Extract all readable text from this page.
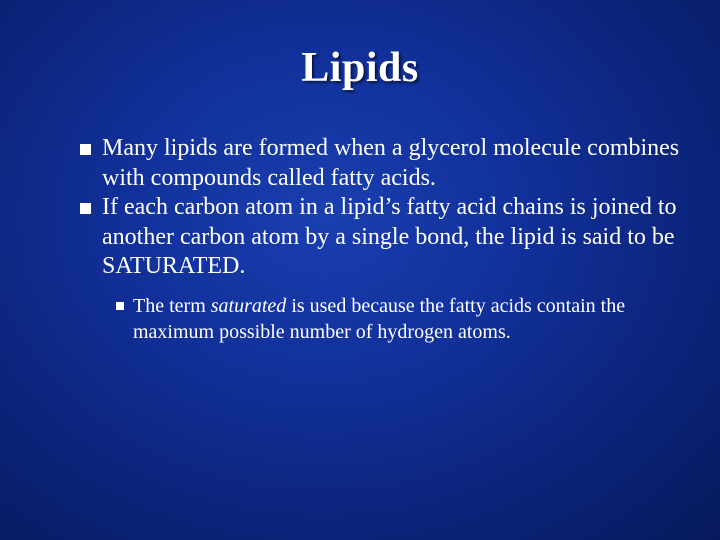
Lipids
Many lipids are formed when a glycerol molecule combines with compounds called fatty acids.
If each carbon atom in a lipid’s fatty acid chains is joined to another carbon atom by a single bond, the lipid is said to be SATURATED.
The term saturated is used because the fatty acids contain the maximum possible number of hydrogen atoms.
